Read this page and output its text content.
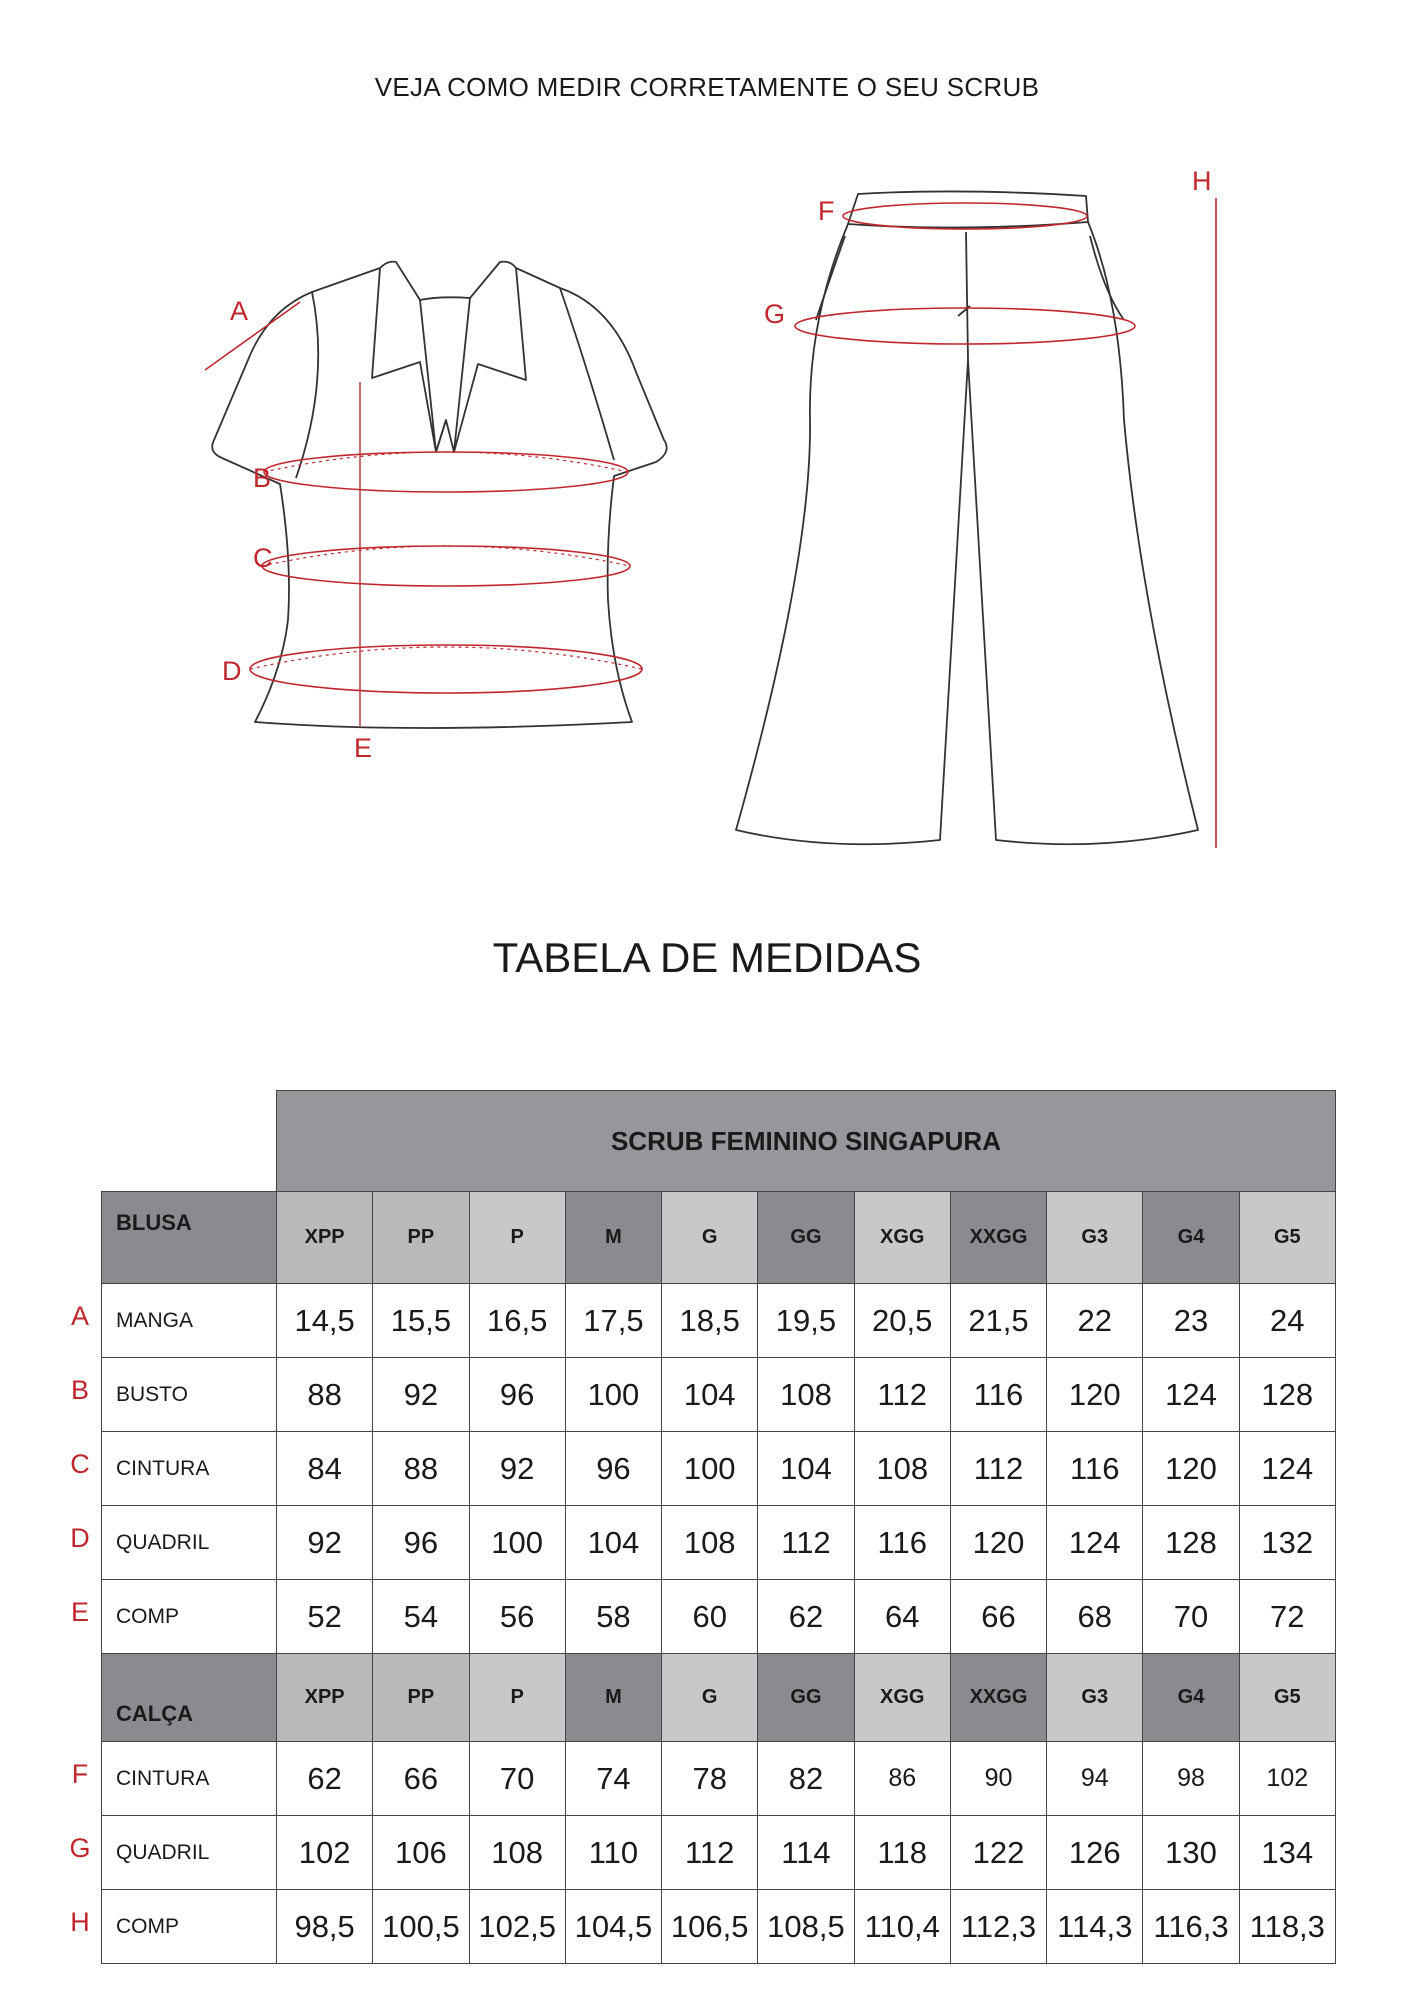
VEJA COMO MEDIR CORRETAMENTE O SEU SCRUB
A
B
C
D
E
F
G
H
TABELA DE MEDIDAS
A
B
C
D
E
F
G
H
	SCRUB FEMININO SINGAPURA										
BLUSA	XPP	PP	P	M	G	GG	XGG	XXGG	G3	G4	G5
MANGA	14,5	15,5	16,5	17,5	18,5	19,5	20,5	21,5	22	23	24
BUSTO	88	92	96	100	104	108	112	116	120	124	128
CINTURA	84	88	92	96	100	104	108	112	116	120	124
QUADRIL	92	96	100	104	108	112	116	120	124	128	132
COMP	52	54	56	58	60	62	64	66	68	70	72
CALÇA	XPP	PP	P	M	G	GG	XGG	XXGG	G3	G4	G5
CINTURA	62	66	70	74	78	82	86	90	94	98	102
QUADRIL	102	106	108	110	112	114	118	122	126	130	134
COMP	98,5	100,5	102,5	104,5	106,5	108,5	110,4	112,3	114,3	116,3	118,3
